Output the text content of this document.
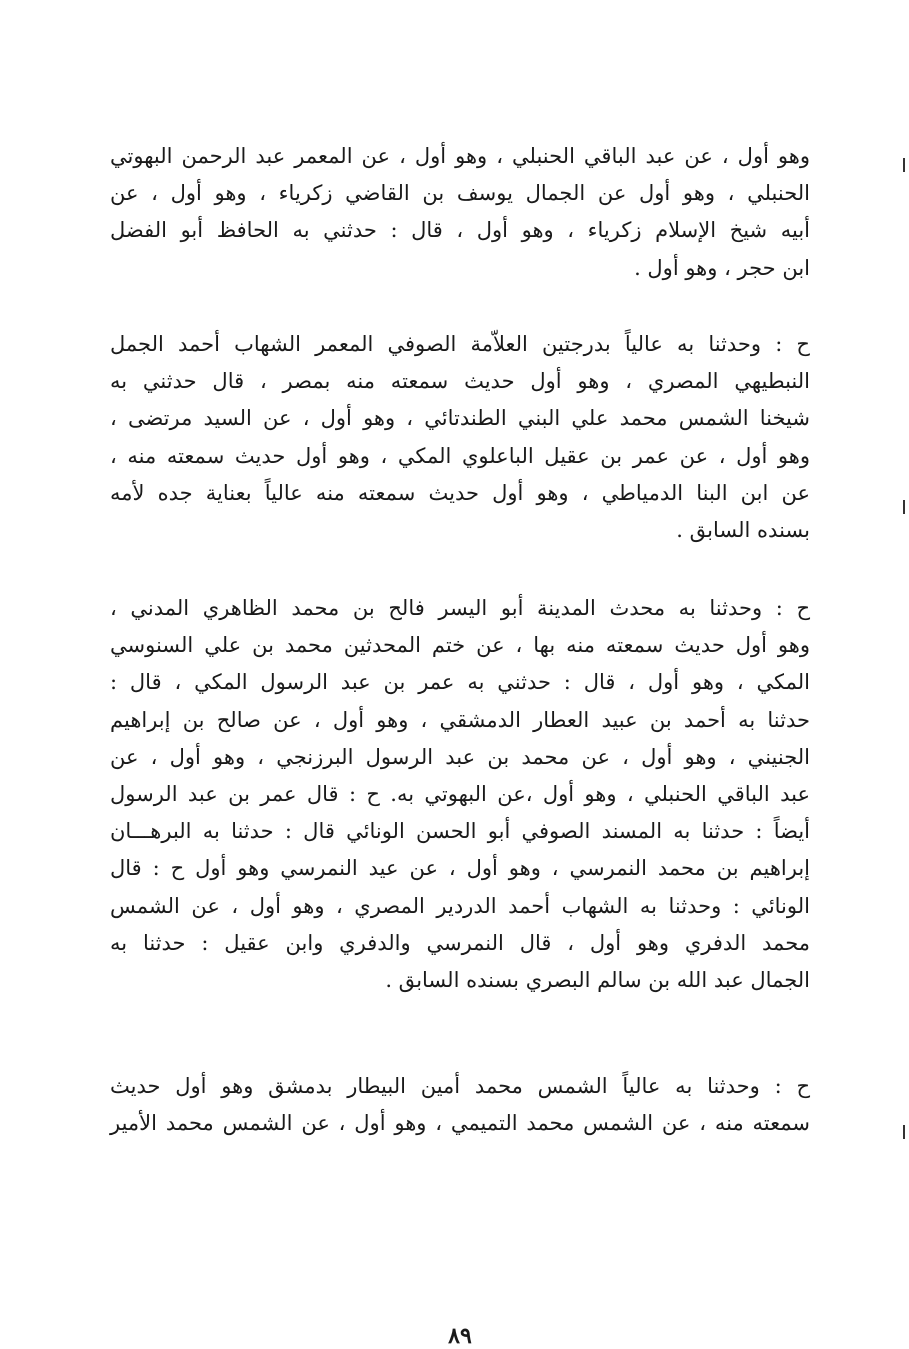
وهو أول ، عن عبد الباقي الحنبلي ، وهو أول ، عن المعمر عبد الرحمن البهوتي
الحنبلي ، وهو أول عن الجمال يوسف بن القاضي زكرياء ، وهو أول ، عن
أبيه شيخ الإسلام زكرياء ، وهو أول ، قال : حدثني به الحافظ أبو الفضل
ابن حجر ، وهو أول .

ح : وحدثنا به عالياً بدرجتين العلاّمة الصوفي المعمر الشهاب أحمد الجمل
النبطيهي المصري ، وهو أول حديث سمعته منه بمصر ، قال حدثني به
شيخنا الشمس محمد علي البني الطندتائي ، وهو أول ، عن السيد مرتضى ،
وهو أول ، عن عمر بن عقيل الباعلوي المكي ، وهو أول حديث سمعته منه ،
عن ابن البنا الدمياطي ، وهو أول حديث سمعته منه عالياً بعناية جده لأمه
بسنده السابق .

ح : وحدثنا به محدث المدينة أبو اليسر فالح بن محمد الظاهري المدني ،
وهو أول حديث سمعته منه بها ، عن ختم المحدثين محمد بن علي السنوسي
المكي ، وهو أول ، قال : حدثني به عمر بن عبد الرسول المكي ، قال :
حدثنا به أحمد بن عبيد العطار الدمشقي ، وهو أول ، عن صالح بن إبراهيم
الجنيني ، وهو أول ، عن محمد بن عبد الرسول البرزنجي ، وهو أول ، عن
عبد الباقي الحنبلي ، وهو أول ،عن البهوتي به. ح : قال عمر بن عبد الرسول
أيضاً : حدثنا به المسند الصوفي أبو الحسن الونائي قال : حدثنا به البرهـــان
إبراهيم بن محمد النمرسي ، وهو أول ، عن عيد النمرسي وهو أول ح : قال
الونائي : وحدثنا به الشهاب أحمد الدردير المصري ، وهو أول ، عن الشمس
محمد الدفري وهو أول ، قال النمرسي والدفري وابن عقيل : حدثنا به
الجمال عبد الله بن سالم البصري بسنده السابق .

ح : وحدثنا به عالياً الشمس محمد أمين البيطار بدمشق وهو أول حديث
سمعته منه ، عن الشمس محمد التميمي ، وهو أول ، عن الشمس محمد الأمير

٨٩
